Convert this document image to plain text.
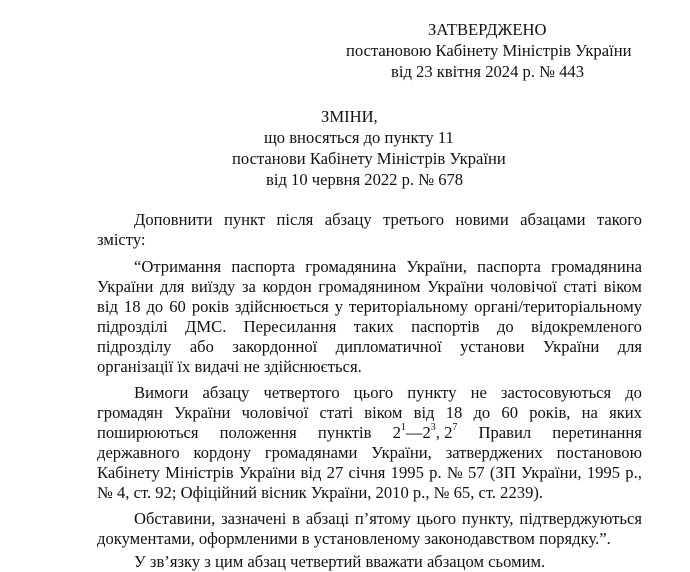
ЗАТВЕРДЖЕНО
постановою Кабінету Міністрів України
від 23 квітня 2024 р. № 443
ЗМІНИ,
що вносяться до пункту 11
постанови Кабінету Міністрів України
від 10 червня 2022 р. № 678
Доповнити пункт після абзацу третього новими абзацами такого
змісту:
“Отримання паспорта громадянина України, паспорта громадянина
України для виїзду за кордон громадянином України чоловічої статі віком
від 18 до 60 років здійснюється у територіальному органі/територіальному
підрозділі ДМС. Пересилання таких паспортів до відокремленого
підрозділу або закордонної дипломатичної установи України для
організації їх видачі не здійснюється.
Вимоги абзацу четвертого цього пункту не застосовуються до
громадян України чоловічої статі віком від 18 до 60 років, на яких
поширюються положення пунктів $2^1—2^3$, $2^7$ Правил перетинання
державного кордону громадянами України, затверджених постановою
Кабінету Міністрів України від 27 січня 1995 р. № 57 (ЗП України, 1995 р.,
№ 4, ст. 92; Офіційний вісник України, 2010 р., № 65, ст. 2239).
Обставини, зазначені в абзаці п’ятому цього пункту, підтверджуються
документами, оформленими в установленому законодавством порядку.”.
У зв’язку з цим абзац четвертий вважати абзацом сьомим.
